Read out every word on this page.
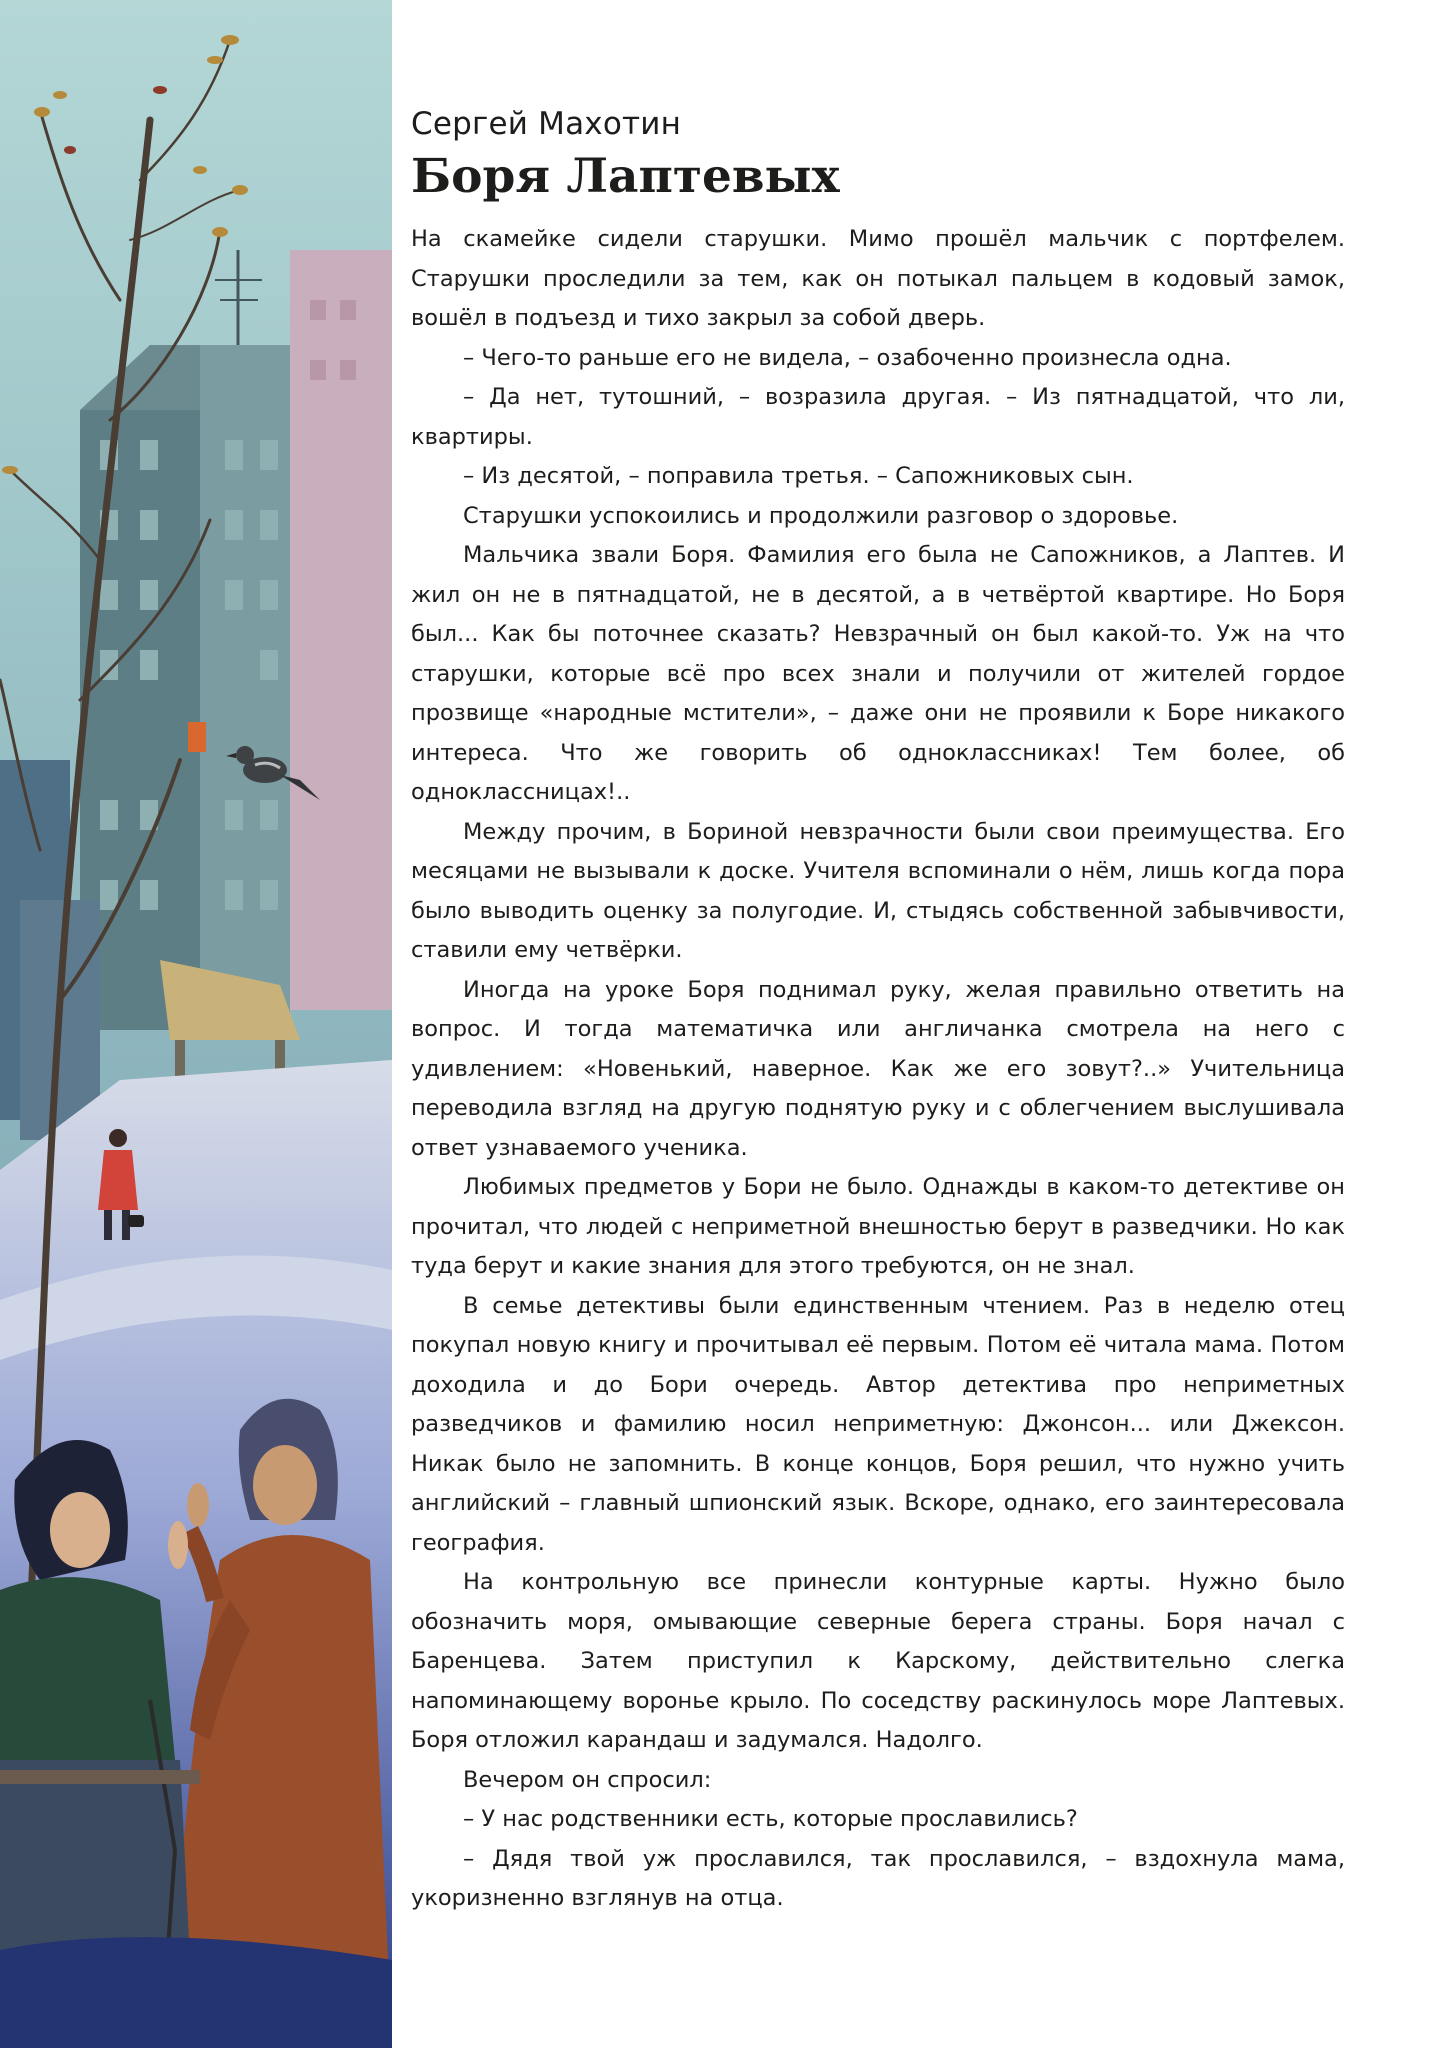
Сергей Махотин
Боря Лаптевых

На скамейке сидели старушки. Мимо прошёл мальчик с портфелем. Старушки проследили за тем, как он потыкал пальцем в кодовый замок, вошёл в подъезд и тихо закрыл за собой дверь.

– Чего-то раньше его не видела, – озабоченно произнесла одна.

– Да нет, тутошний, – возразила другая. – Из пятнадцатой, что ли, квартиры.

– Из десятой, – поправила третья. – Сапожниковых сын.

Старушки успокоились и продолжили разговор о здоровье.

Мальчика звали Боря. Фамилия его была не Сапожников, а Лаптев. И жил он не в пятнадцатой, не в десятой, а в четвёртой квартире. Но Боря был... Как бы поточнее сказать? Невзрачный он был какой-то. Уж на что старушки, которые всё про всех знали и получили от жителей гордое прозвище «народные мстители», – даже они не проявили к Боре никакого интереса. Что же говорить об одноклассниках! Тем более, об одноклассницах!..

Между прочим, в Бориной невзрачности были свои преимущества. Его месяцами не вызывали к доске. Учителя вспоминали о нём, лишь когда пора было выводить оценку за полугодие. И, стыдясь собственной забывчивости, ставили ему четвёрки.

Иногда на уроке Боря поднимал руку, желая правильно ответить на вопрос. И тогда математичка или англичанка смотрела на него с удивлением: «Новенький, наверное. Как же его зовут?..» Учительница переводила взгляд на другую поднятую руку и с облегчением выслушивала ответ узнаваемого ученика.

Любимых предметов у Бори не было. Однажды в каком-то детективе он прочитал, что людей с неприметной внешностью берут в разведчики. Но как туда берут и какие знания для этого требуются, он не знал.

В семье детективы были единственным чтением. Раз в неделю отец покупал новую книгу и прочитывал её первым. Потом её читала мама. Потом доходила и до Бори очередь. Автор детектива про неприметных разведчиков и фамилию носил неприметную: Джонсон... или Джексон. Никак было не запомнить. В конце концов, Боря решил, что нужно учить английский – главный шпионский язык. Вскоре, однако, его заинтересовала география.

На контрольную все принесли контурные карты. Нужно было обозначить моря, омывающие северные берега страны. Боря начал с Баренцева. Затем приступил к Карскому, действительно слегка напоминающему воронье крыло. По соседству раскинулось море Лаптевых. Боря отложил карандаш и задумался. Надолго.

Вечером он спросил:

– У нас родственники есть, которые прославились?

– Дядя твой уж прославился, так прославился, – вздохнула мама, укоризненно взглянув на отца.
